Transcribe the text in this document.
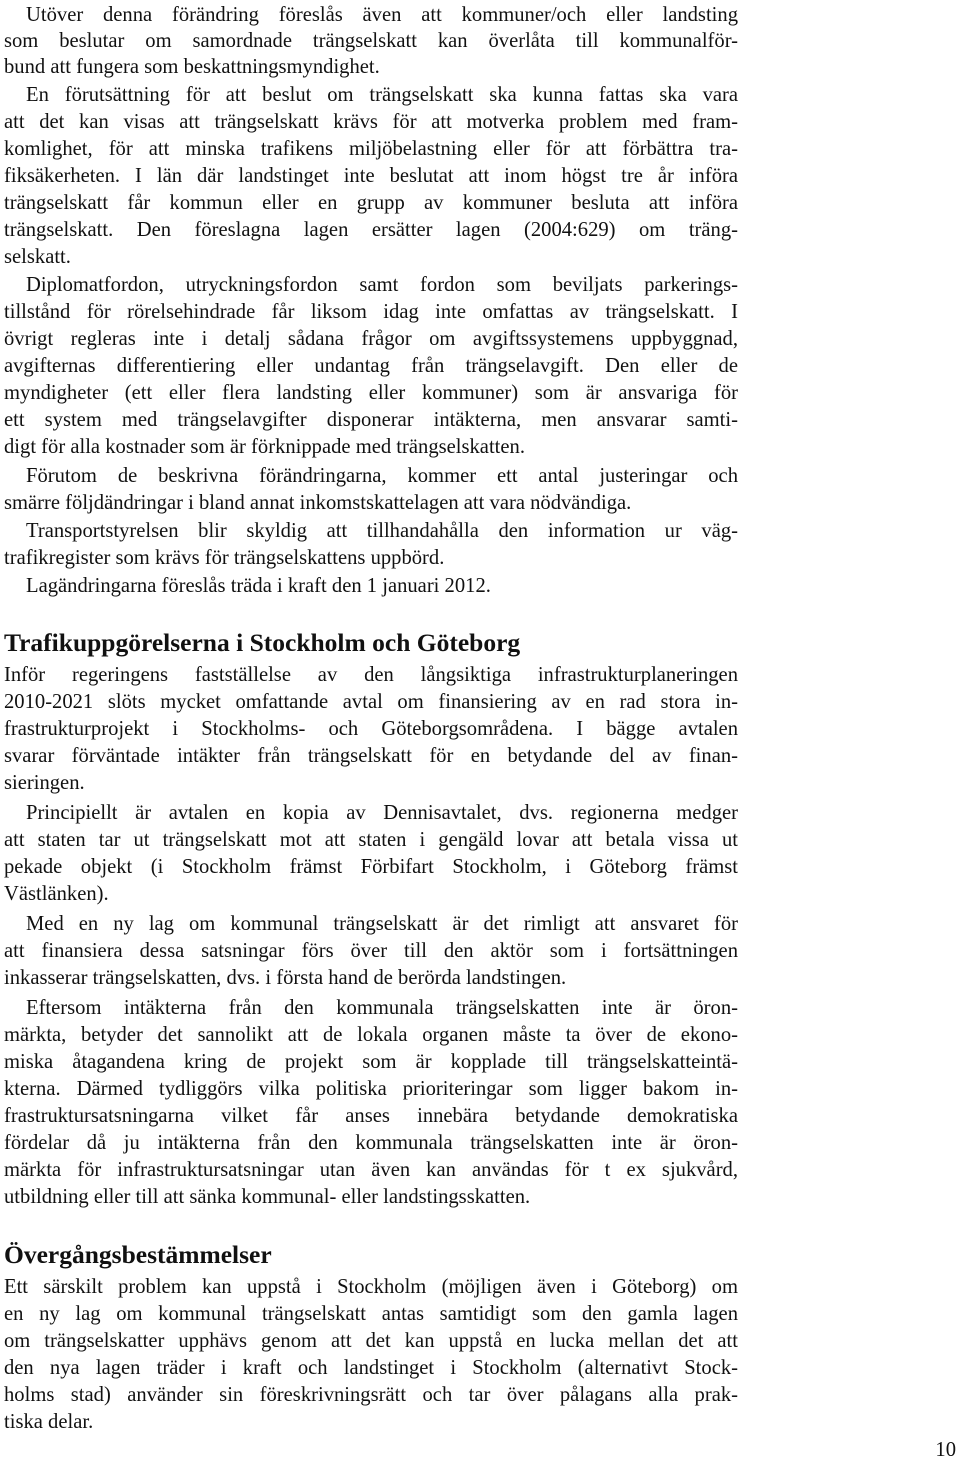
Utöver denna förändring föreslås även att kommuner/och eller landsting
som beslutar om samordnade trängselskatt kan överlåta till kommunalför-
bund att fungera som beskattningsmyndighet.
En förutsättning för att beslut om trängselskatt ska kunna fattas ska vara
att det kan visas att trängselskatt krävs för att motverka problem med fram-
komlighet, för att minska trafikens miljöbelastning eller för att förbättra tra-
fiksäkerheten. I län där landstinget inte beslutat att inom högst tre år införa
trängselskatt får kommun eller en grupp av kommuner besluta att införa
trängselskatt. Den föreslagna lagen ersätter lagen (2004:629) om träng-
selskatt.
Diplomatfordon, utryckningsfordon samt fordon som beviljats parkerings-
tillstånd för rörelsehindrade får liksom idag inte omfattas av trängselskatt. I
övrigt regleras inte i detalj sådana frågor om avgiftssystemens uppbyggnad,
avgifternas differentiering eller undantag från trängselavgift. Den eller de
myndigheter (ett eller flera landsting eller kommuner) som är ansvariga för
ett system med trängselavgifter disponerar intäkterna, men ansvarar samti-
digt för alla kostnader som är förknippade med trängselskatten.
Förutom de beskrivna förändringarna, kommer ett antal justeringar och
smärre följdändringar i bland annat inkomstskattelagen att vara nödvändiga.
Transportstyrelsen blir skyldig att tillhandahålla den information ur väg-
trafikregister som krävs för trängselskattens uppbörd.
Lagändringarna föreslås träda i kraft den 1 januari 2012.
Trafikuppgörelserna i Stockholm och Göteborg
Inför regeringens fastställelse av den långsiktiga infrastrukturplaneringen
2010-2021 slöts mycket omfattande avtal om finansiering av en rad stora in-
frastrukturprojekt i Stockholms- och Göteborgsområdena. I bägge avtalen
svarar förväntade intäkter från trängselskatt för en betydande del av finan-
sieringen.
Principiellt är avtalen en kopia av Dennisavtalet, dvs. regionerna medger
att staten tar ut trängselskatt mot att staten i gengäld lovar att betala vissa ut
pekade objekt (i Stockholm främst Förbifart Stockholm, i Göteborg främst
Västlänken).
Med en ny lag om kommunal trängselskatt är det rimligt att ansvaret för
att finansiera dessa satsningar förs över till den aktör som i fortsättningen
inkasserar trängselskatten, dvs. i första hand de berörda landstingen.
Eftersom intäkterna från den kommunala trängselskatten inte är öron-
märkta, betyder det sannolikt att de lokala organen måste ta över de ekono-
miska åtagandena kring de projekt som är kopplade till trängselskatteintä-
kterna. Därmed tydliggörs vilka politiska prioriteringar som ligger bakom in-
frastruktursatsningarna vilket får anses innebära betydande demokratiska
fördelar då ju intäkterna från den kommunala trängselskatten inte är öron-
märkta för infrastruktursatsningar utan även kan användas för t ex sjukvård,
utbildning eller till att sänka kommunal- eller landstingsskatten.
Övergångsbestämmelser
Ett särskilt problem kan uppstå i Stockholm (möjligen även i Göteborg) om
en ny lag om kommunal trängselskatt antas samtidigt som den gamla lagen
om trängselskatter upphävs genom att det kan uppstå en lucka mellan det att
den nya lagen träder i kraft och landstinget i Stockholm (alternativt Stock-
holms stad) använder sin föreskrivningsrätt och tar över pålagans alla prak-
tiska delar.
10
